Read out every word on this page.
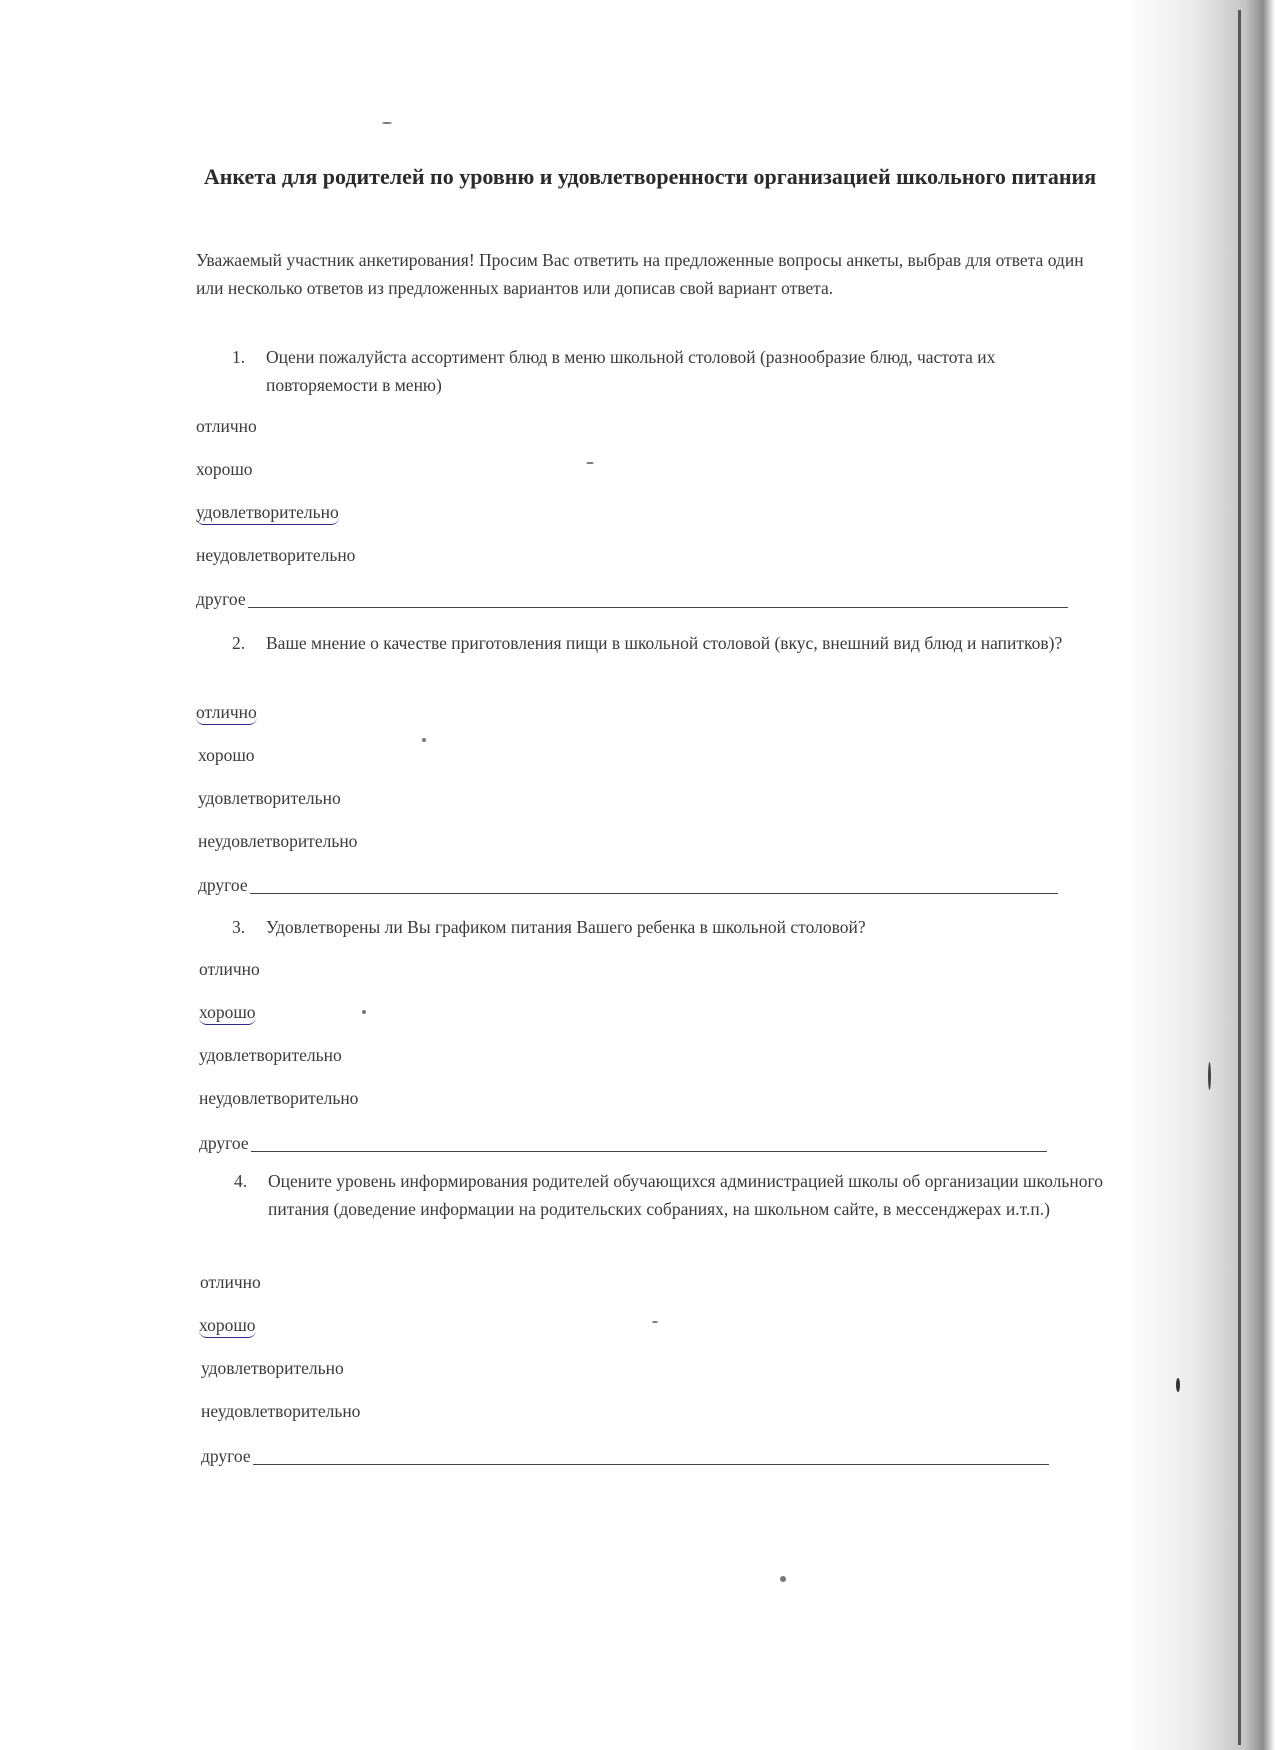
Анкета для родителей по уровню и удовлетворенности организацией школьного питания
Уважаемый участник анкетирования! Просим Вас ответить на предложенные вопросы анкеты, выбрав для ответа один или несколько ответов из предложенных вариантов или дописав свой вариант ответа.
1.	Оцени пожалуйста ассортимент блюд в меню школьной столовой (разнообразие блюд, частота их повторяемости в меню)
отлично
хорошо
удовлетворительно
неудовлетворительно
другое
2.	Ваше мнение о качестве приготовления пищи в школьной столовой (вкус, внешний вид блюд и напитков)?
отлично
хорошо
удовлетворительно
неудовлетворительно
другое
3.	Удовлетворены ли Вы графиком питания Вашего ребенка в школьной столовой?
отлично
хорошо
удовлетворительно
неудовлетворительно
другое
4.	Оцените уровень информирования родителей обучающихся администрацией школы об организации школьного питания (доведение информации на родительских собраниях, на школьном сайте, в мессенджерах и.т.п.)
отлично
хорошо
удовлетворительно
неудовлетворительно
другое
